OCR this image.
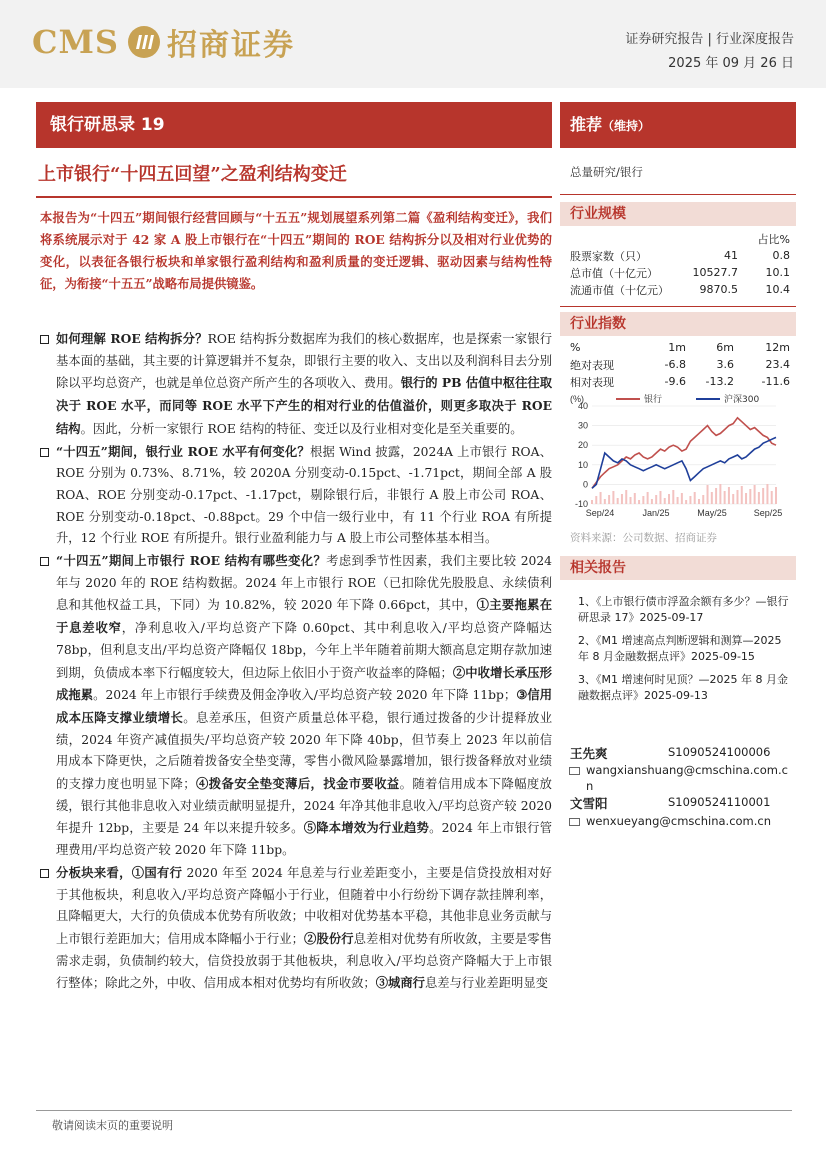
CMS 招商证券	证券研究报告 | 行业深度报告
2025 年 09 月 26 日
银行研思录 19
上市银行“十四五回望”之盈利结构变迁
本报告为“十四五”期间银行经营回顾与“十五五”规划展望系列第二篇《盈利结构变迁》，我们将系统展示对于 42 家 A 股上市银行在“十四五”期间的 ROE 结构拆分以及相对行业优势的变化，以表征各银行板块和单家银行盈利结构和盈利质量的变迁逻辑、驱动因素与结构性特征，为衔接“十五五”战略布局提供镜鉴。

如何理解 ROE 结构拆分？ROE 结构拆分数据库为我们的核心数据库，也是探索一家银行基本面的基础，其主要的计算逻辑并不复杂，即银行主要的收入、支出以及利润科目去分别除以平均总资产，也就是单位总资产所产生的各项收入、费用。银行的 PB 估值中枢往往取决于 ROE 水平，而同等 ROE 水平下产生的相对行业的估值溢价，则更多取决于 ROE 结构。因此，分析一家银行 ROE 结构的特征、变迁以及行业相对变化是至关重要的。

“十四五”期间，银行业 ROE 水平有何变化？根据 Wind 披露，2024A 上市银行 ROA、ROE 分别为 0.73%、8.71%，较 2020A 分别变动-0.15pct、-1.71pct，期间全部 A 股 ROA、ROE 分别变动-0.17pct、-1.17pct，剔除银行后，非银行 A 股上市公司 ROA、ROE 分别变动-0.18pct、-0.88pct。29 个中信一级行业中，有 11 个行业 ROA 有所提升，12 个行业 ROE 有所提升。银行业盈利能力与 A 股上市公司整体基本相当。

“十四五”期间上市银行 ROE 结构有哪些变化？考虑到季节性因素，我们主要比较 2024 年与 2020 年的 ROE 结构数据。2024 年上市银行 ROE（已扣除优先股股息、永续债利息和其他权益工具，下同）为 10.82%，较 2020 年下降 0.66pct，其中，①主要拖累在于息差收窄，净利息收入/平均总资产下降 0.60pct、其中利息收入/平均总资产降幅达 78bp，但利息支出/平均总资产降幅仅 18bp，今年上半年随着前期大额高息定期存款加速到期，负债成本率下行幅度较大，但边际上依旧小于资产收益率的降幅；②中收增长承压形成拖累。2024 年上市银行手续费及佣金净收入/平均总资产较 2020 年下降 11bp；③信用成本压降支撑业绩增长。息差承压，但资产质量总体平稳，银行通过拨备的少计提释放业绩，2024 年资产减值损失/平均总资产较 2020 年下降 40bp，但节奏上 2023 年以前信用成本下降更快，之后随着拨备安全垫变薄，零售小微风险暴露增加，银行拨备释放对业绩的支撑力度也明显下降；④拨备安全垫变薄后，找金市要收益。随着信用成本下降幅度放缓，银行其他非息收入对业绩贡献明显提升，2024 年净其他非息收入/平均总资产较 2020 年提升 12bp，主要是 24 年以来提升较多。⑤降本增效为行业趋势。2024 年上市银行管理费用/平均总资产较 2020 年下降 11bp。

分板块来看，①国有行 2020 年至 2024 年息差与行业差距变小，主要是信贷投放相对好于其他板块，利息收入/平均总资产降幅小于行业，但随着中小行纷纷下调存款挂牌利率，且降幅更大，大行的负债成本优势有所收敛；中收相对优势基本平稳，其他非息业务贡献与上市银行差距加大；信用成本降幅小于行业；②股份行息差相对优势有所收敛，主要是零售需求走弱，负债制约较大，信贷投放弱于其他板块，利息收入/平均总资产降幅大于上市银行整体；除此之外，中收、信用成本相对优势均有所收敛；③城商行息差与行业差距明显变

推荐（维持）
总量研究/银行
行业规模
		占比%
股票家数（只）	41	0.8
总市值（十亿元）	10527.7	10.1
流通市值（十亿元）	9870.5	10.4
行业指数
%	1m	6m	12m
绝对表现	-6.8	3.6	23.4
相对表现	-9.6	-13.2	-11.6
(%)
-10
0
10
20
30
40
Sep/24	Jan/25	May/25	Sep/25
银行	沪深300
资料来源：公司数据、招商证券
相关报告
1、《上市银行债市浮盈余额有多少？—银行研思录 17》2025-09-17
2、《M1 增速高点判断逻辑和测算—2025 年 8 月金融数据点评》2025-09-15
3、《M1 增速何时见顶？—2025 年 8 月金融数据点评》2025-09-13
王先爽	S1090524100006
wangxianshuang@cmschina.com.cn
文雪阳	S1090524110001
wenxueyang@cmschina.com.cn
敬请阅读末页的重要说明
